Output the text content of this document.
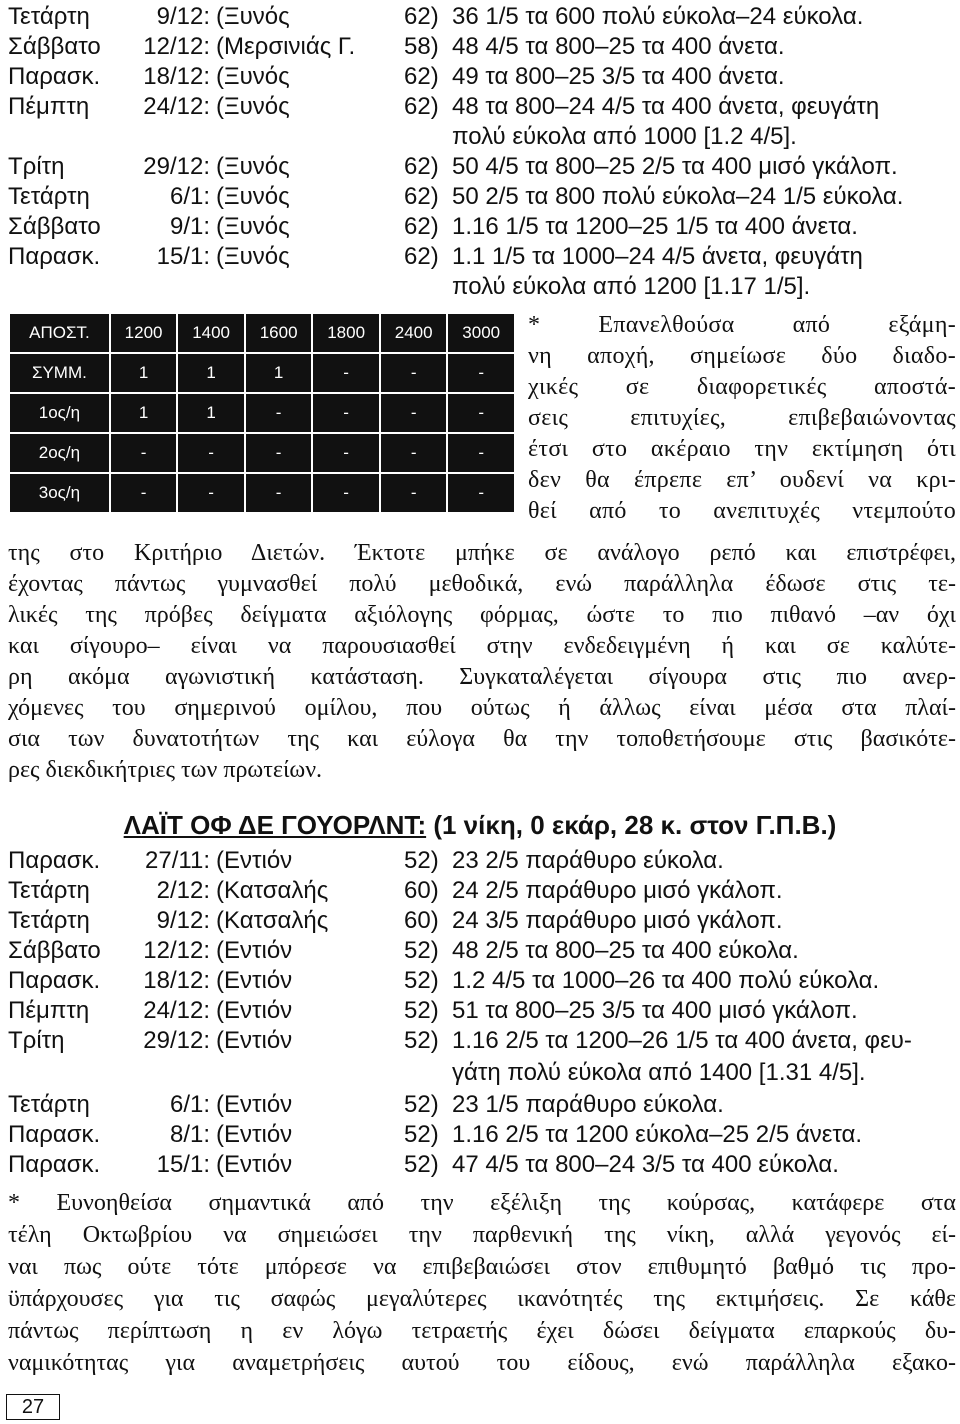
Τετάρτη	9/12: (Ξυνός	62) 36 1/5 τα 600 πολύ εύκολα–24 εύκολα.
Σάββατο	12/12: (Μερσινιάς Γ. 58) 48 4/5 τα 800–25 τα 400 άνετα.
Παρασκ.	18/12: (Ξυνός	62) 49 τα 800–25 3/5 τα 400 άνετα.
Πέμπτη	24/12: (Ξυνός	62) 48 τα 800–24 4/5 τα 400 άνετα, φευγάτη
πολύ εύκολα από 1000 [1.2 4/5].
Τρίτη	29/12: (Ξυνός	62) 50 4/5 τα 800–25 2/5 τα 400 μισό γκάλοπ.
Τετάρτη	6/1: (Ξυνός	62) 50 2/5 τα 800 πολύ εύκολα–24 1/5 εύκολα.
Σάββατο	9/1: (Ξυνός	62) 1.16 1/5 τα 1200–25 1/5 τα 400 άνετα.
Παρασκ.	15/1: (Ξυνός	62) 1.1 1/5 τα 1000–24 4/5 άνετα, φευγάτη
πολύ εύκολα από 1200 [1.17 1/5].
ΑΠΟΣΤ.	1200	1400	1600	1800	2400	3000
ΣΥΜΜ.	1	1	1	-	-	-
1ος/η	1	1	-	-	-	-
2ος/η	-	-	-	-	-	-
3ος/η	-	-	-	-	-	-
* Επανελθούσα από εξάμη-
νη αποχή, σημείωσε δύο διαδο-
χικές σε διαφορετικές αποστά-
σεις επιτυχίες, επιβεβαιώνοντας
έτσι στο ακέραιο την εκτίμηση ότι
δεν θα έπρεπε επ’ ουδενί να κρι-
θεί από το ανεπιτυχές ντεμπούτο
της στο Κριτήριο Διετών. Έκτοτε μπήκε σε ανάλογο ρεπό και επιστρέφει,
έχοντας πάντως γυμνασθεί πολύ μεθοδικά, ενώ παράλληλα έδωσε στις τε-
λικές της πρόβες δείγματα αξιόλογης φόρμας, ώστε το πιο πιθανό –αν όχι
και σίγουρο– είναι να παρουσιασθεί στην ενδεδειγμένη ή και σε καλύτε-
ρη ακόμα αγωνιστική κατάσταση. Συγκαταλέγεται σίγουρα στις πιο ανερ-
χόμενες του σημερινού ομίλου, που ούτως ή άλλως είναι μέσα στα πλαί-
σια των δυνατοτήτων της και εύλογα θα την τοποθετήσουμε στις βασικότε-
ρες διεκδικήτριες των πρωτείων.
ΛΑΪΤ ΟΦ ΔΕ ΓΟΥΟΡΛΝΤ: (1 νίκη, 0 εκάρ, 28 κ. στον Γ.Π.Β.)
Παρασκ.	27/11: (Εντιόν	52) 23 2/5 παράθυρο εύκολα.
Τετάρτη	2/12: (Κατσαλής	60) 24 2/5 παράθυρο μισό γκάλοπ.
Τετάρτη	9/12: (Κατσαλής	60) 24 3/5 παράθυρο μισό γκάλοπ.
Σάββατο	12/12: (Εντιόν	52) 48 2/5 τα 800–25 τα 400 εύκολα.
Παρασκ.	18/12: (Εντιόν	52) 1.2 4/5 τα 1000–26 τα 400 πολύ εύκολα.
Πέμπτη	24/12: (Εντιόν	52) 51 τα 800–25 3/5 τα 400 μισό γκάλοπ.
Τρίτη	29/12: (Εντιόν	52) 1.16 2/5 τα 1200–26 1/5 τα 400 άνετα, φευ-
γάτη πολύ εύκολα από 1400 [1.31 4/5].
Τετάρτη	6/1: (Εντιόν	52) 23 1/5 παράθυρο εύκολα.
Παρασκ.	8/1: (Εντιόν	52) 1.16 2/5 τα 1200 εύκολα–25 2/5 άνετα.
Παρασκ.	15/1: (Εντιόν	52) 47 4/5 τα 800–24 3/5 τα 400 εύκολα.
* Ευνοηθείσα σημαντικά από την εξέλιξη της κούρσας, κατάφερε στα
τέλη Οκτωβρίου να σημειώσει την παρθενική της νίκη, αλλά γεγονός εί-
ναι πως ούτε τότε μπόρεσε να επιβεβαιώσει στον επιθυμητό βαθμό τις προ-
ϋπάρχουσες για τις σαφώς μεγαλύτερες ικανότητές της εκτιμήσεις. Σε κάθε
πάντως περίπτωση η εν λόγω τετραετής έχει δώσει δείγματα επαρκούς δυ-
ναμικότητας για αναμετρήσεις αυτού του είδους, ενώ παράλληλα εξακο-
27
